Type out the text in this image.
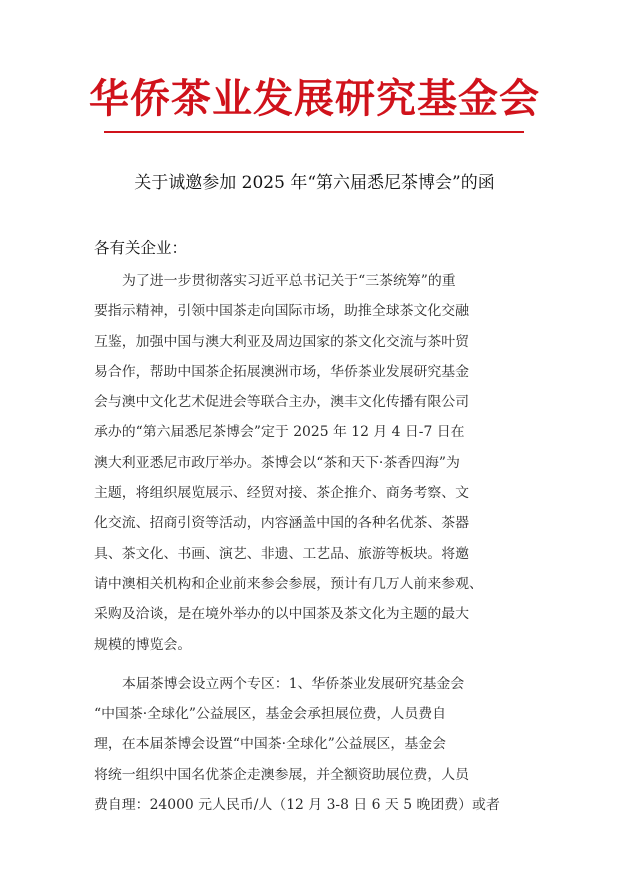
华侨茶业发展研究基金会
关于诚邀参加 2025 年“第六届悉尼茶博会”的函
各有关企业：

为了进一步贯彻落实习近平总书记关于“三茶统筹”的重
要指示精神，引领中国茶走向国际市场，助推全球茶文化交融
互鉴，加强中国与澳大利亚及周边国家的茶文化交流与茶叶贸
易合作，帮助中国茶企拓展澳洲市场，华侨茶业发展研究基金
会与澳中文化艺术促进会等联合主办，澳丰文化传播有限公司
承办的“第六届悉尼茶博会”定于 2025 年 12 月 4 日-7 日在
澳大利亚悉尼市政厅举办。茶博会以“茶和天下·茶香四海”为
主题，将组织展览展示、经贸对接、茶企推介、商务考察、文
化交流、招商引资等活动，内容涵盖中国的各种名优茶、茶器
具、茶文化、书画、演艺、非遗、工艺品、旅游等板块。将邀
请中澳相关机构和企业前来参会参展，预计有几万人前来参观、
采购及洽谈，是在境外举办的以中国茶及茶文化为主题的最大
规模的博览会。

本届茶博会设立两个专区：1、华侨茶业发展研究基金会
“中国茶·全球化”公益展区，基金会承担展位费，人员费自
理，在本届茶博会设置“中国茶·全球化”公益展区，基金会
将统一组织中国名优茶企走澳参展，并全额资助展位费，人员
费自理：24000 元人民币/人（12 月 3-8 日 6 天 5 晚团费）或者
